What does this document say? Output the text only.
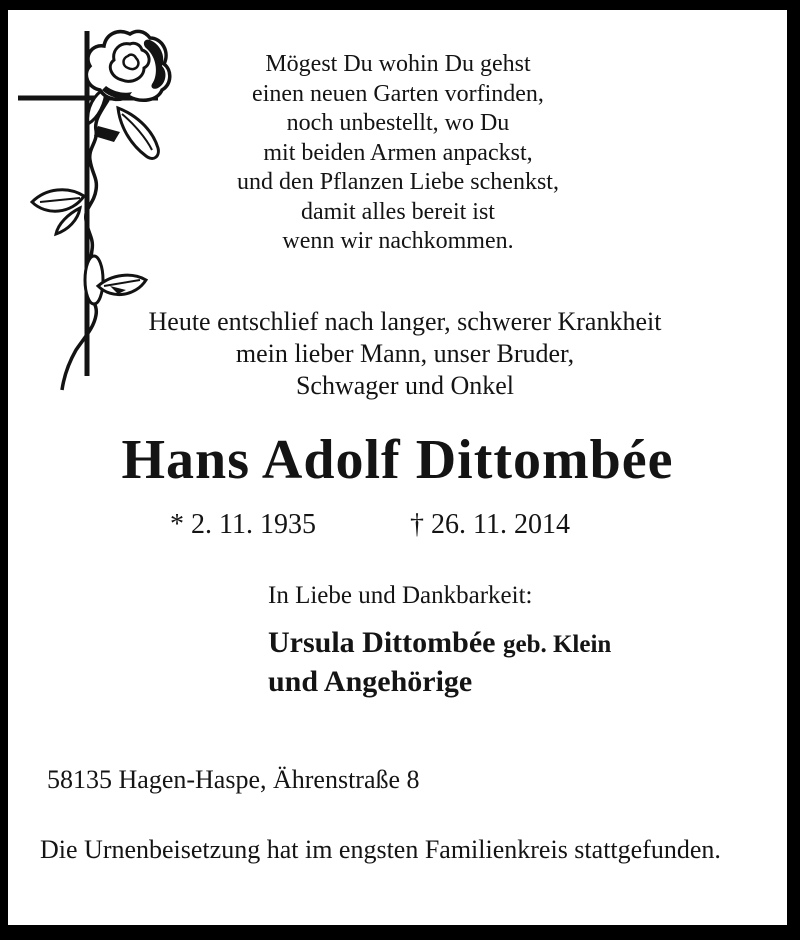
Mögest Du wohin Du gehst
einen neuen Garten vorfinden,
noch unbestellt, wo Du
mit beiden Armen anpackst,
und den Pflanzen Liebe schenkst,
damit alles bereit ist
wenn wir nachkommen.
Heute entschlief nach langer, schwerer Krankheit
mein lieber Mann, unser Bruder,
Schwager und Onkel
Hans Adolf Dittombée
* 2. 11. 1935	† 26. 11. 2014
In Liebe und Dankbarkeit:
Ursula Dittombée geb. Klein
und Angehörige
58135 Hagen-Haspe, Ährenstraße 8
Die Urnenbeisetzung hat im engsten Familienkreis stattgefunden.
